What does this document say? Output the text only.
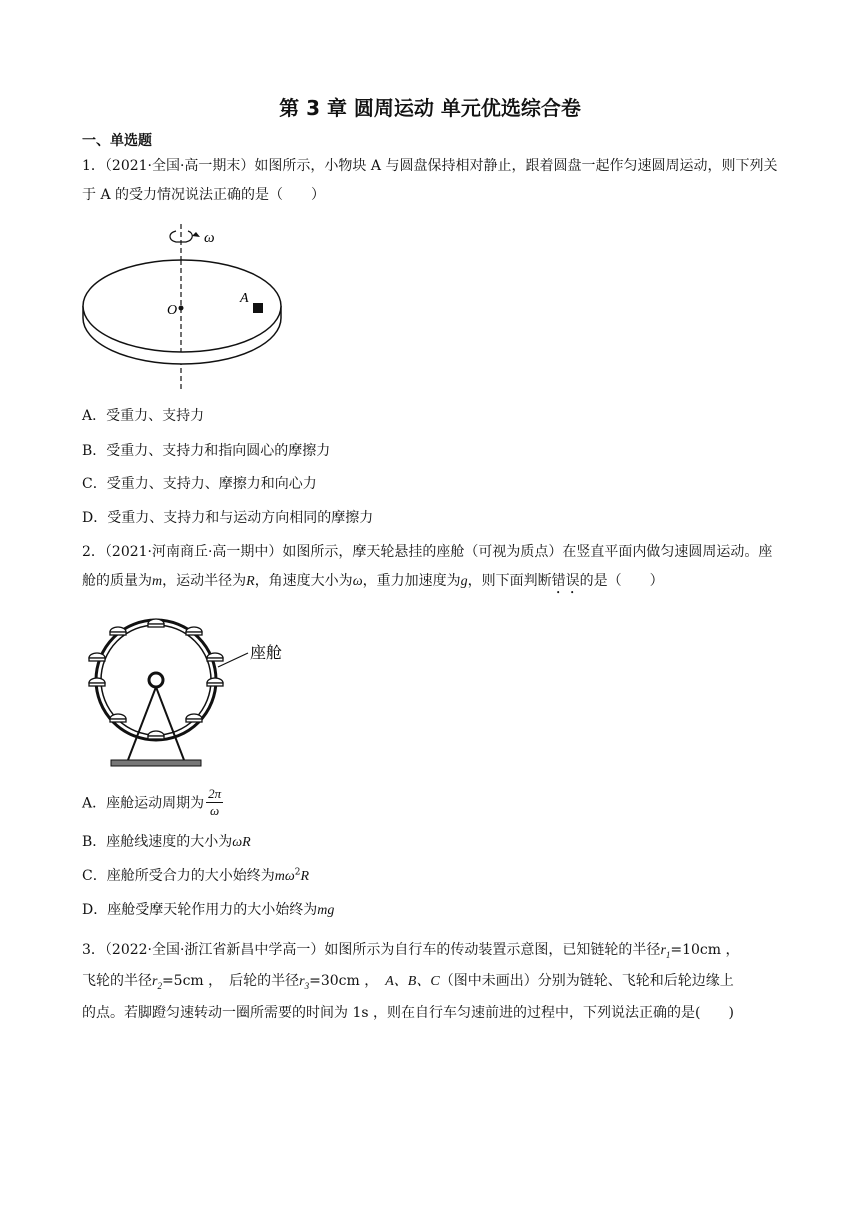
第 3 章 圆周运动 单元优选综合卷
一、单选题
1．（2021·全国·高一期末）如图所示，小物块 A 与圆盘保持相对静止，跟着圆盘一起作匀速圆周运动，则下列关于 A 的受力情况说法正确的是（　　）
ω
O
A
A．受重力、支持力
B．受重力、支持力和指向圆心的摩擦力
C．受重力、支持力、摩擦力和向心力
D．受重力、支持力和与运动方向相同的摩擦力
2．（2021·河南商丘·高一期中）如图所示，摩天轮悬挂的座舱（可视为质点）在竖直平面内做匀速圆周运动。座舱的质量为m，运动半径为R，角速度大小为ω，重力加速度为g，则下面判断错误的是（　　）
座舱
A．座舱运动周期为 $\frac{2\pi}{\omega}$
B．座舱线速度的大小为ωR
C．座舱所受合力的大小始终为$m\omega^2R$
D．座舱受摩天轮作用力的大小始终为mg
3．（2022·全国·浙江省新昌中学高一）如图所示为自行车的传动装置示意图，已知链轮的半径$r_1=10cm$ ，
飞轮的半径$r_2=5cm$ ，　后轮的半径$r_3=30cm$ ，　 A、B、C（图中未画出）分别为链轮、飞轮和后轮边缘上
的点。若脚蹬匀速转动一圈所需要的时间为 1s ，则在自行车匀速前进的过程中，下列说法正确的是(　　)
